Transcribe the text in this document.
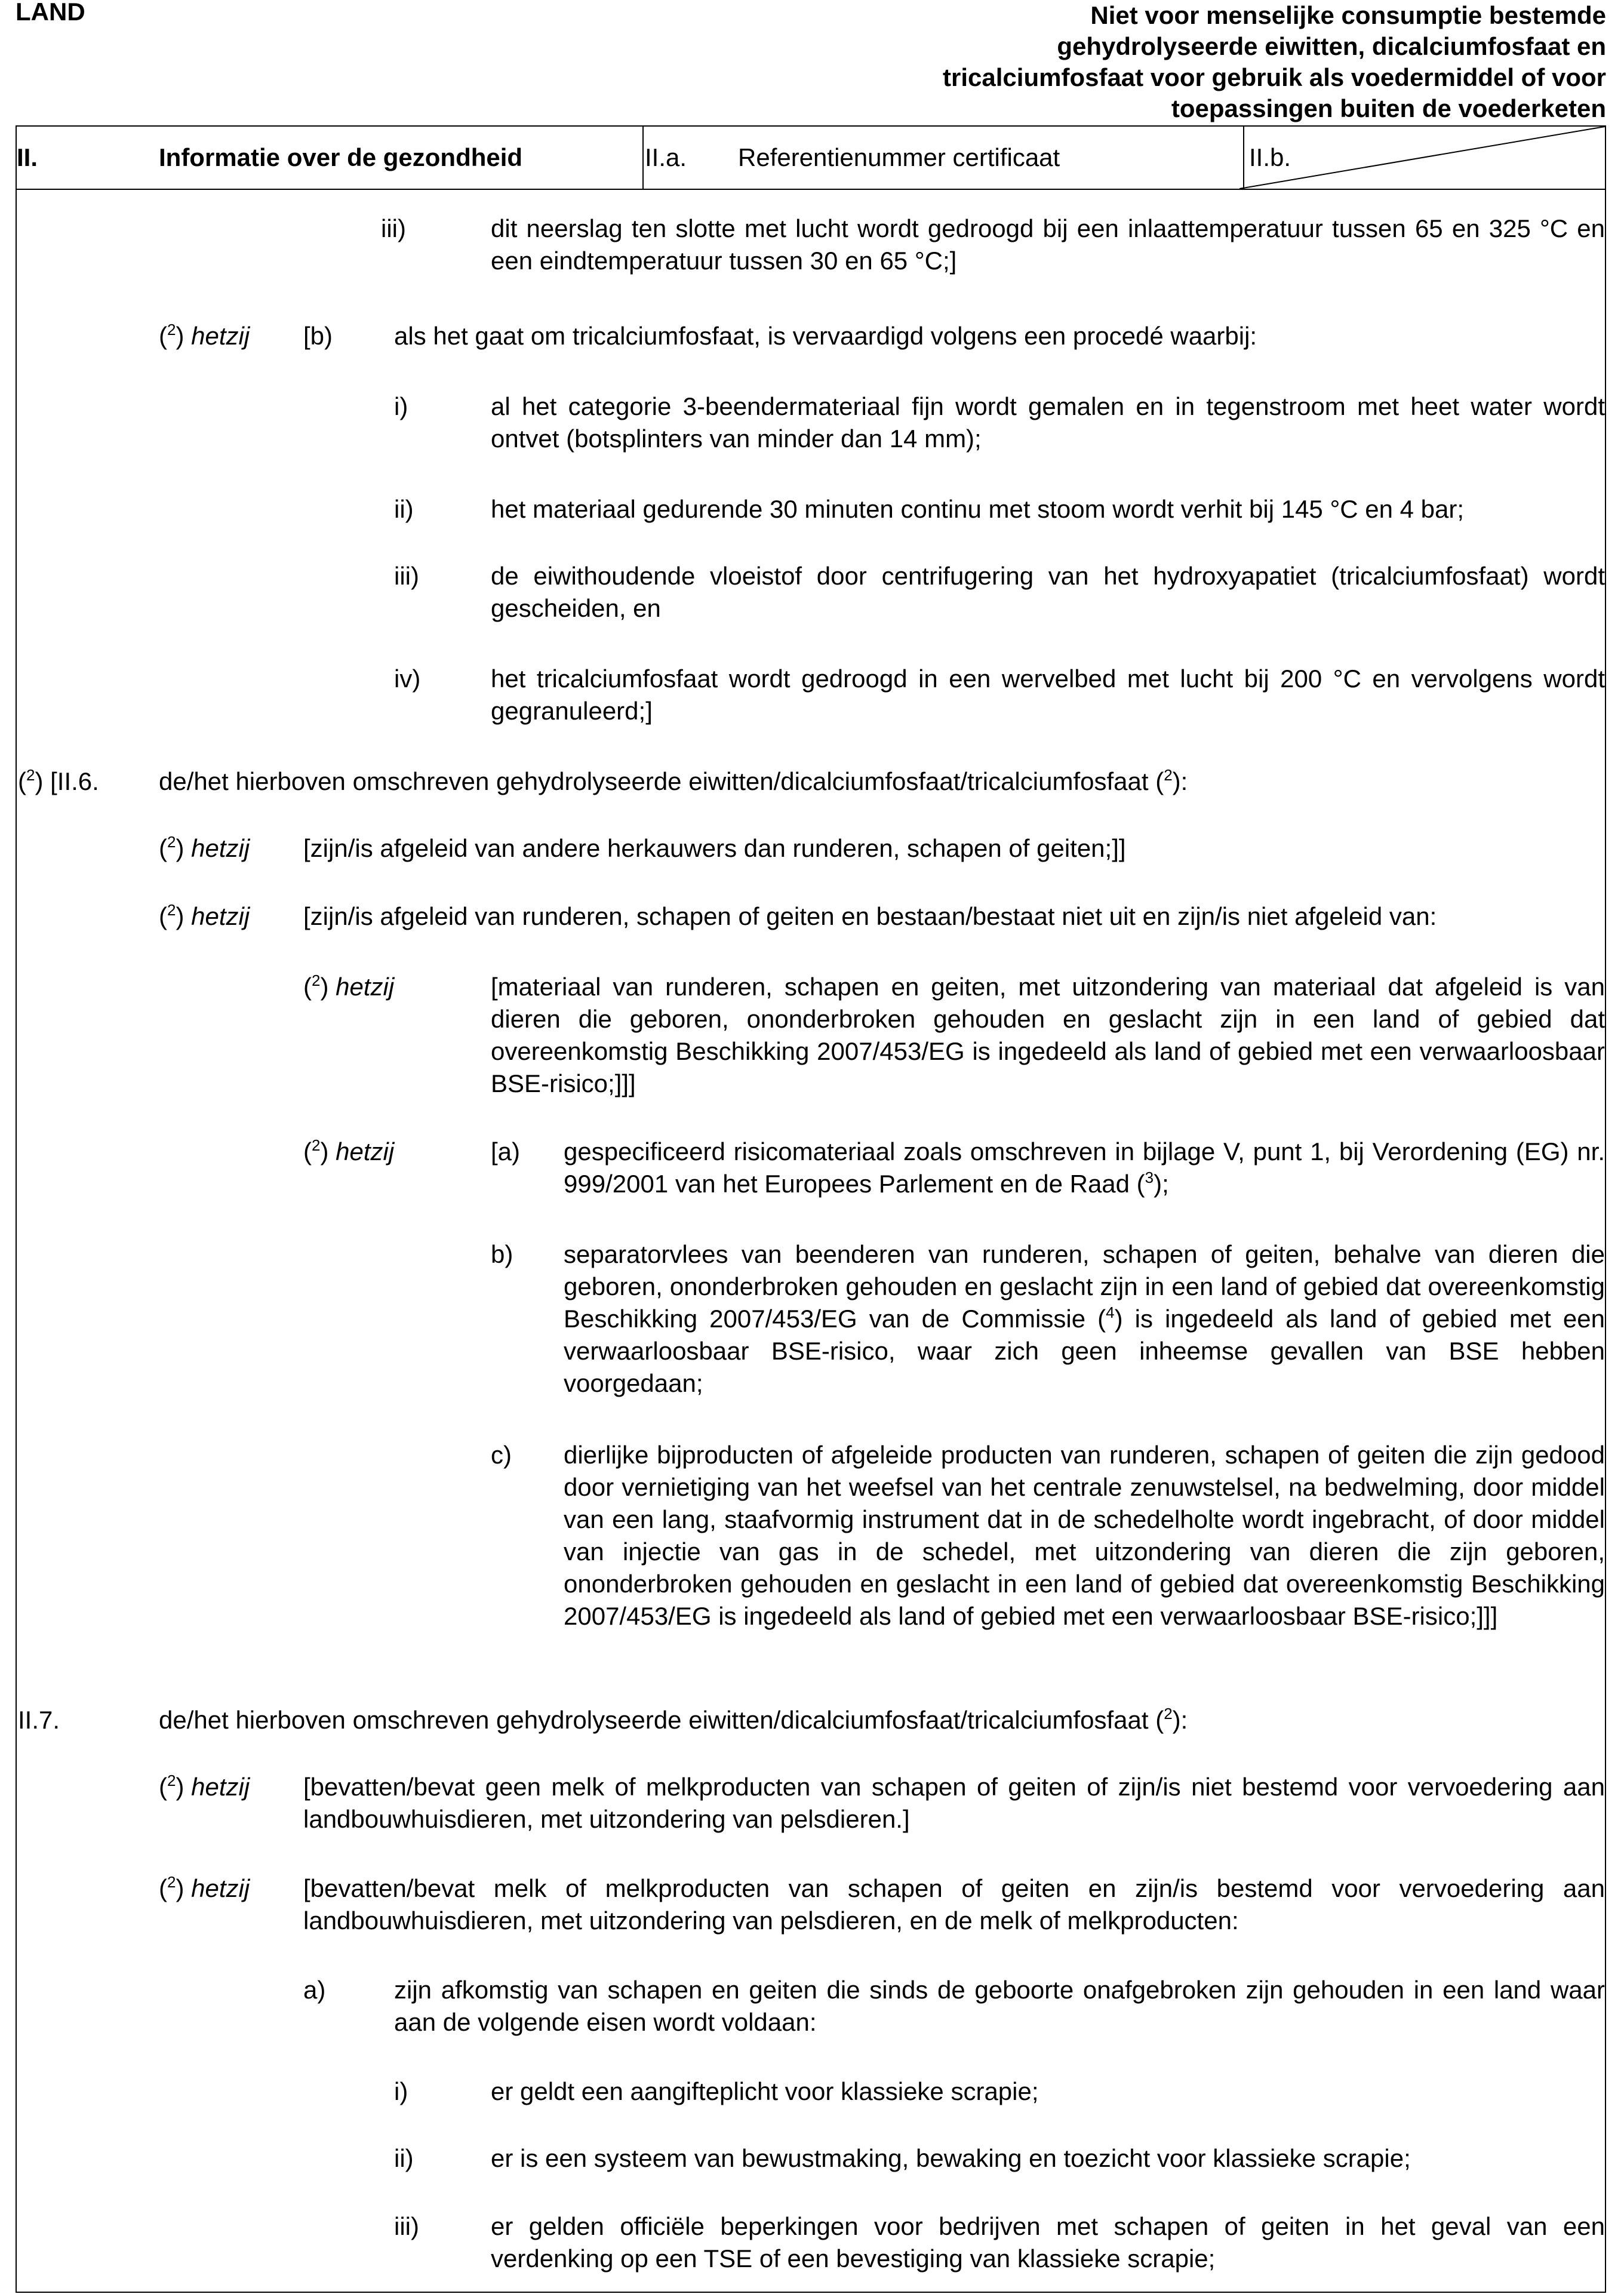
LAND	Niet voor menselijke consumptie bestemde
gehydrolyseerde eiwitten, dicalciumfosfaat en
tricalciumfosfaat voor gebruik als voedermiddel of voor
toepassingen buiten de voederketen
II.	Informatie over de gezondheid	II.a. Referentienummer certificaat	II.b.
iii)	dit neerslag ten slotte met lucht wordt gedroogd bij een inlaattemperatuur tussen 65 en 325 °C en een eindtemperatuur tussen 30 en 65 °C;]
($^2$) hetzij [b) als het gaat om tricalciumfosfaat, is vervaardigd volgens een procedé waarbij:
i)	al het categorie 3-beendermateriaal fijn wordt gemalen en in tegenstroom met heet water wordt ontvet (botsplinters van minder dan 14 mm);
ii)	het materiaal gedurende 30 minuten continu met stoom wordt verhit bij 145 °C en 4 bar;
iii)	de eiwithoudende vloeistof door centrifugering van het hydroxyapatiet (tricalciumfosfaat) wordt gescheiden, en
iv)	het tricalciumfosfaat wordt gedroogd in een wervelbed met lucht bij 200 °C en vervolgens wordt gegranuleerd;]
($^2$) [II.6. de/het hierboven omschreven gehydrolyseerde eiwitten/dicalciumfosfaat/tricalciumfosfaat ($^2$):
($^2$) hetzij [zijn/is afgeleid van andere herkauwers dan runderen, schapen of geiten;]]
($^2$) hetzij [zijn/is afgeleid van runderen, schapen of geiten en bestaan/bestaat niet uit en zijn/is niet afgeleid van:
($^2$) hetzij	[materiaal van runderen, schapen en geiten, met uitzondering van materiaal dat afgeleid is van dieren die geboren, ononderbroken gehouden en geslacht zijn in een land of gebied dat overeenkomstig Beschikking 2007/453/EG is ingedeeld als land of gebied met een verwaarloosbaar BSE-risico;]]]
($^2$) hetzij	[a) gespecificeerd risicomateriaal zoals omschreven in bijlage V, punt 1, bij Verordening (EG) nr. 999/2001 van het Europees Parlement en de Raad ($^3$);
b) separatorvlees van beenderen van runderen, schapen of geiten, behalve van dieren die geboren, ononderbroken gehouden en geslacht zijn in een land of gebied dat overeenkomstig Beschikking 2007/453/EG van de Commissie ($^4$) is ingedeeld als land of gebied met een verwaarloosbaar BSE-risico, waar zich geen inheemse gevallen van BSE hebben voorgedaan;
c) dierlijke bijproducten of afgeleide producten van runderen, schapen of geiten die zijn gedood door vernietiging van het weefsel van het centrale zenuwstelsel, na bedwelming, door middel van een lang, staafvormig instrument dat in de schedelholte wordt ingebracht, of door middel van injectie van gas in de schedel, met uitzondering van dieren die zijn geboren, ononderbroken gehouden en geslacht in een land of gebied dat overeenkomstig Beschikking 2007/453/EG is ingedeeld als land of gebied met een verwaarloosbaar BSE-risico;]]]
II.7.	de/het hierboven omschreven gehydrolyseerde eiwitten/dicalciumfosfaat/tricalciumfosfaat ($^2$):
($^2$) hetzij [bevatten/bevat geen melk of melkproducten van schapen of geiten of zijn/is niet bestemd voor vervoedering aan landbouwhuisdieren, met uitzondering van pelsdieren.]
($^2$) hetzij [bevatten/bevat melk of melkproducten van schapen of geiten en zijn/is bestemd voor vervoedering aan landbouwhuisdieren, met uitzondering van pelsdieren, en de melk of melkproducten:
a)	zijn afkomstig van schapen en geiten die sinds de geboorte onafgebroken zijn gehouden in een land waar aan de volgende eisen wordt voldaan:
i)	er geldt een aangifteplicht voor klassieke scrapie;
ii)	er is een systeem van bewustmaking, bewaking en toezicht voor klassieke scrapie;
iii)	er gelden officiële beperkingen voor bedrijven met schapen of geiten in het geval van een verdenking op een TSE of een bevestiging van klassieke scrapie;
